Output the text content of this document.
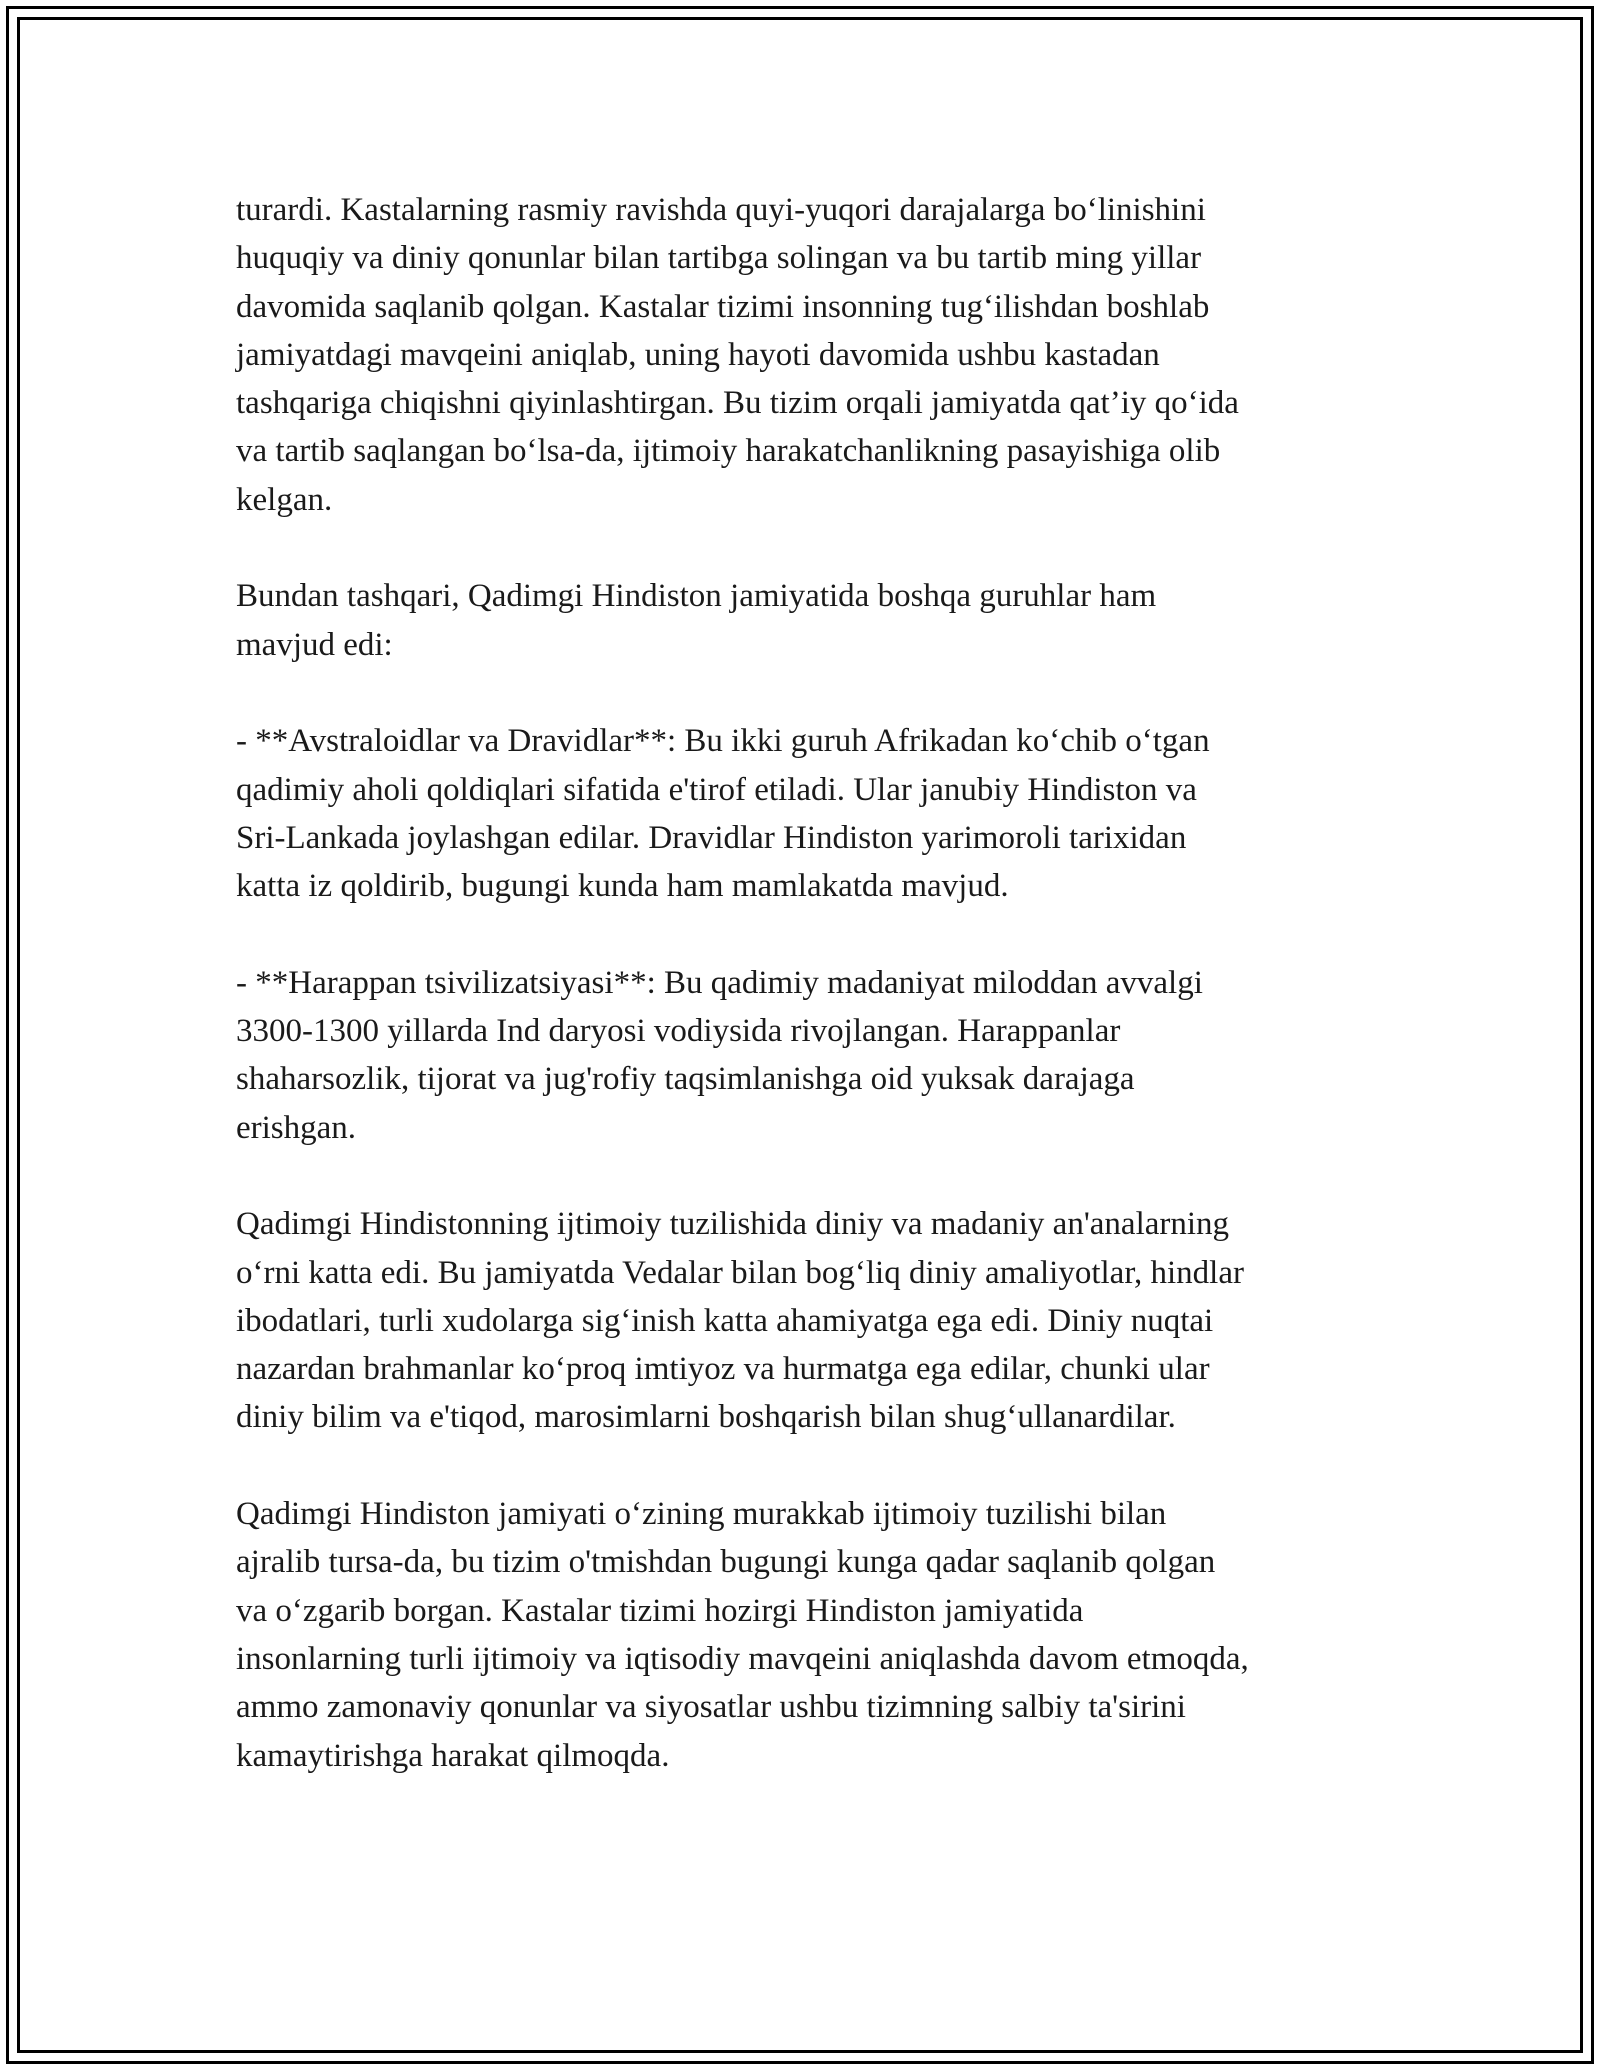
turardi. Kastalarning rasmiy ravishda quyi-yuqori darajalarga bo‘linishini
huquqiy va diniy qonunlar bilan tartibga solingan va bu tartib ming yillar
davomida saqlanib qolgan. Kastalar tizimi insonning tug‘ilishdan boshlab
jamiyatdagi mavqeini aniqlab, uning hayoti davomida ushbu kastadan
tashqariga chiqishni qiyinlashtirgan. Bu tizim orqali jamiyatda qat’iy qo‘ida
va tartib saqlangan bo‘lsa-da, ijtimoiy harakatchanlikning pasayishiga olib
kelgan.

Bundan tashqari, Qadimgi Hindiston jamiyatida boshqa guruhlar ham
mavjud edi:

- **Avstraloidlar va Dravidlar**: Bu ikki guruh Afrikadan ko‘chib o‘tgan
qadimiy aholi qoldiqlari sifatida e'tirof etiladi. Ular janubiy Hindiston va
Sri-Lankada joylashgan edilar. Dravidlar Hindiston yarimoroli tarixidan
katta iz qoldirib, bugungi kunda ham mamlakatda mavjud.

- **Harappan tsivilizatsiyasi**: Bu qadimiy madaniyat miloddan avvalgi
3300-1300 yillarda Ind daryosi vodiysida rivojlangan. Harappanlar
shaharsozlik, tijorat va jug'rofiy taqsimlanishga oid yuksak darajaga
erishgan.

Qadimgi Hindistonning ijtimoiy tuzilishida diniy va madaniy an'analarning
o‘rni katta edi. Bu jamiyatda Vedalar bilan bog‘liq diniy amaliyotlar, hindlar
ibodatlari, turli xudolarga sig‘inish katta ahamiyatga ega edi. Diniy nuqtai
nazardan brahmanlar ko‘proq imtiyoz va hurmatga ega edilar, chunki ular
diniy bilim va e'tiqod, marosimlarni boshqarish bilan shug‘ullanardilar.

Qadimgi Hindiston jamiyati o‘zining murakkab ijtimoiy tuzilishi bilan
ajralib tursa-da, bu tizim o'tmishdan bugungi kunga qadar saqlanib qolgan
va o‘zgarib borgan. Kastalar tizimi hozirgi Hindiston jamiyatida
insonlarning turli ijtimoiy va iqtisodiy mavqeini aniqlashda davom etmoqda,
ammo zamonaviy qonunlar va siyosatlar ushbu tizimning salbiy ta'sirini
kamaytirishga harakat qilmoqda.
